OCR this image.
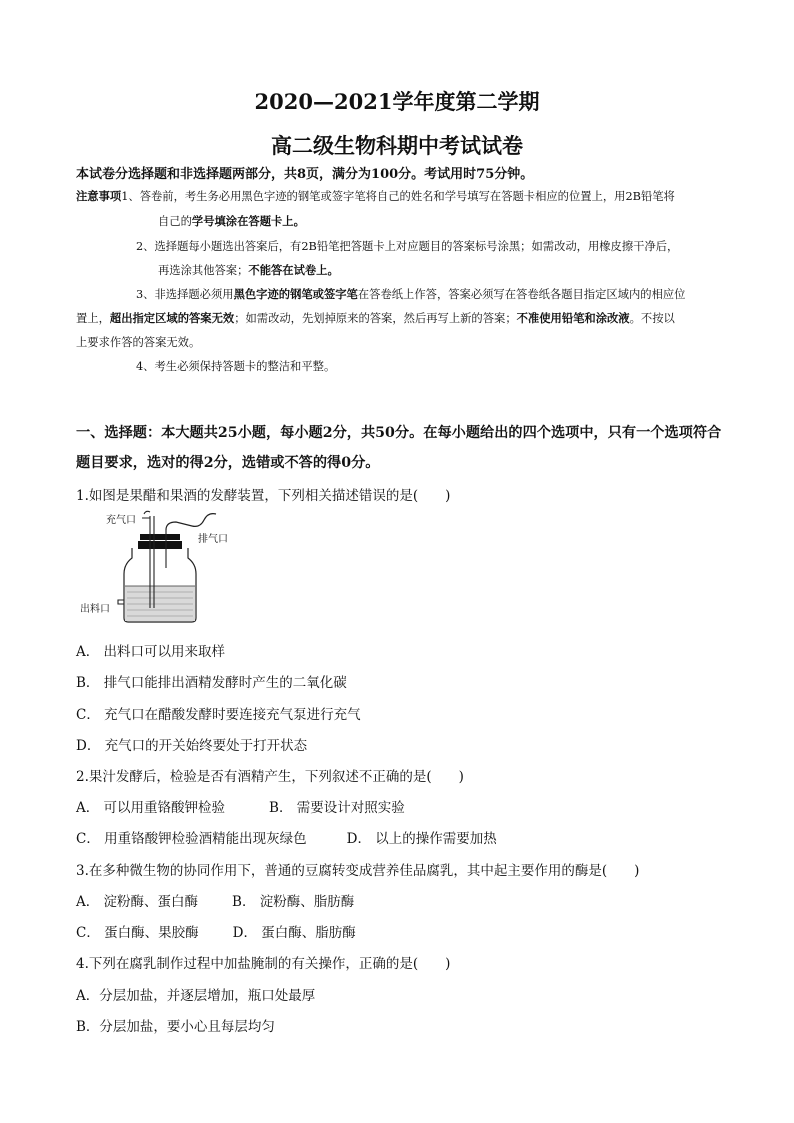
2020—2021学年度第二学期
高二级生物科期中考试试卷
本试卷分选择题和非选择题两部分，共8页，满分为100分。考试用时75分钟。
注意事项1、答卷前，考生务必用黑色字迹的钢笔或签字笔将自己的姓名和学号填写在答题卡相应的位置上，用2B铅笔将
自己的学号填涂在答题卡上。
2、选择题每小题选出答案后，有2B铅笔把答题卡上对应题目的答案标号涂黑；如需改动，用橡皮擦干净后，
再选涂其他答案；不能答在试卷上。
3、非选择题必须用黑色字迹的钢笔或签字笔在答卷纸上作答，答案必须写在答卷纸各题目指定区域内的相应位
置上，超出指定区域的答案无效；如需改动，先划掉原来的答案，然后再写上新的答案；不准使用铅笔和涂改液。不按以
上要求作答的答案无效。
4、考生必须保持答题卡的整洁和平整。
一、选择题：本大题共25小题，每小题2分，共50分。在每小题给出的四个选项中，只有一个选项符合
题目要求，选对的得2分，选错或不答的得0分。
1.如图是果醋和果酒的发酵装置，下列相关描述错误的是(　　)
充气口
排气口
出料口
A． 出料口可以用来取样
B． 排气口能排出酒精发酵时产生的二氧化碳
C． 充气口在醋酸发酵时要连接充气泵进行充气
D． 充气口的开关始终要处于打开状态
2.果汁发酵后，检验是否有酒精产生，下列叙述不正确的是(　　)
A． 可以用重铬酸钾检验	B． 需要设计对照实验
C． 用重铬酸钾检验酒精能出现灰绿色	D． 以上的操作需要加热
3.在多种微生物的协同作用下，普通的豆腐转变成营养佳品腐乳，其中起主要作用的酶是(　　)
A． 淀粉酶、蛋白酶	B． 淀粉酶、脂肪酶
C． 蛋白酶、果胶酶	D． 蛋白酶、脂肪酶
4.下列在腐乳制作过程中加盐腌制的有关操作，正确的是(　　)
A．分层加盐，并逐层增加，瓶口处最厚
B．分层加盐，要小心且每层均匀
